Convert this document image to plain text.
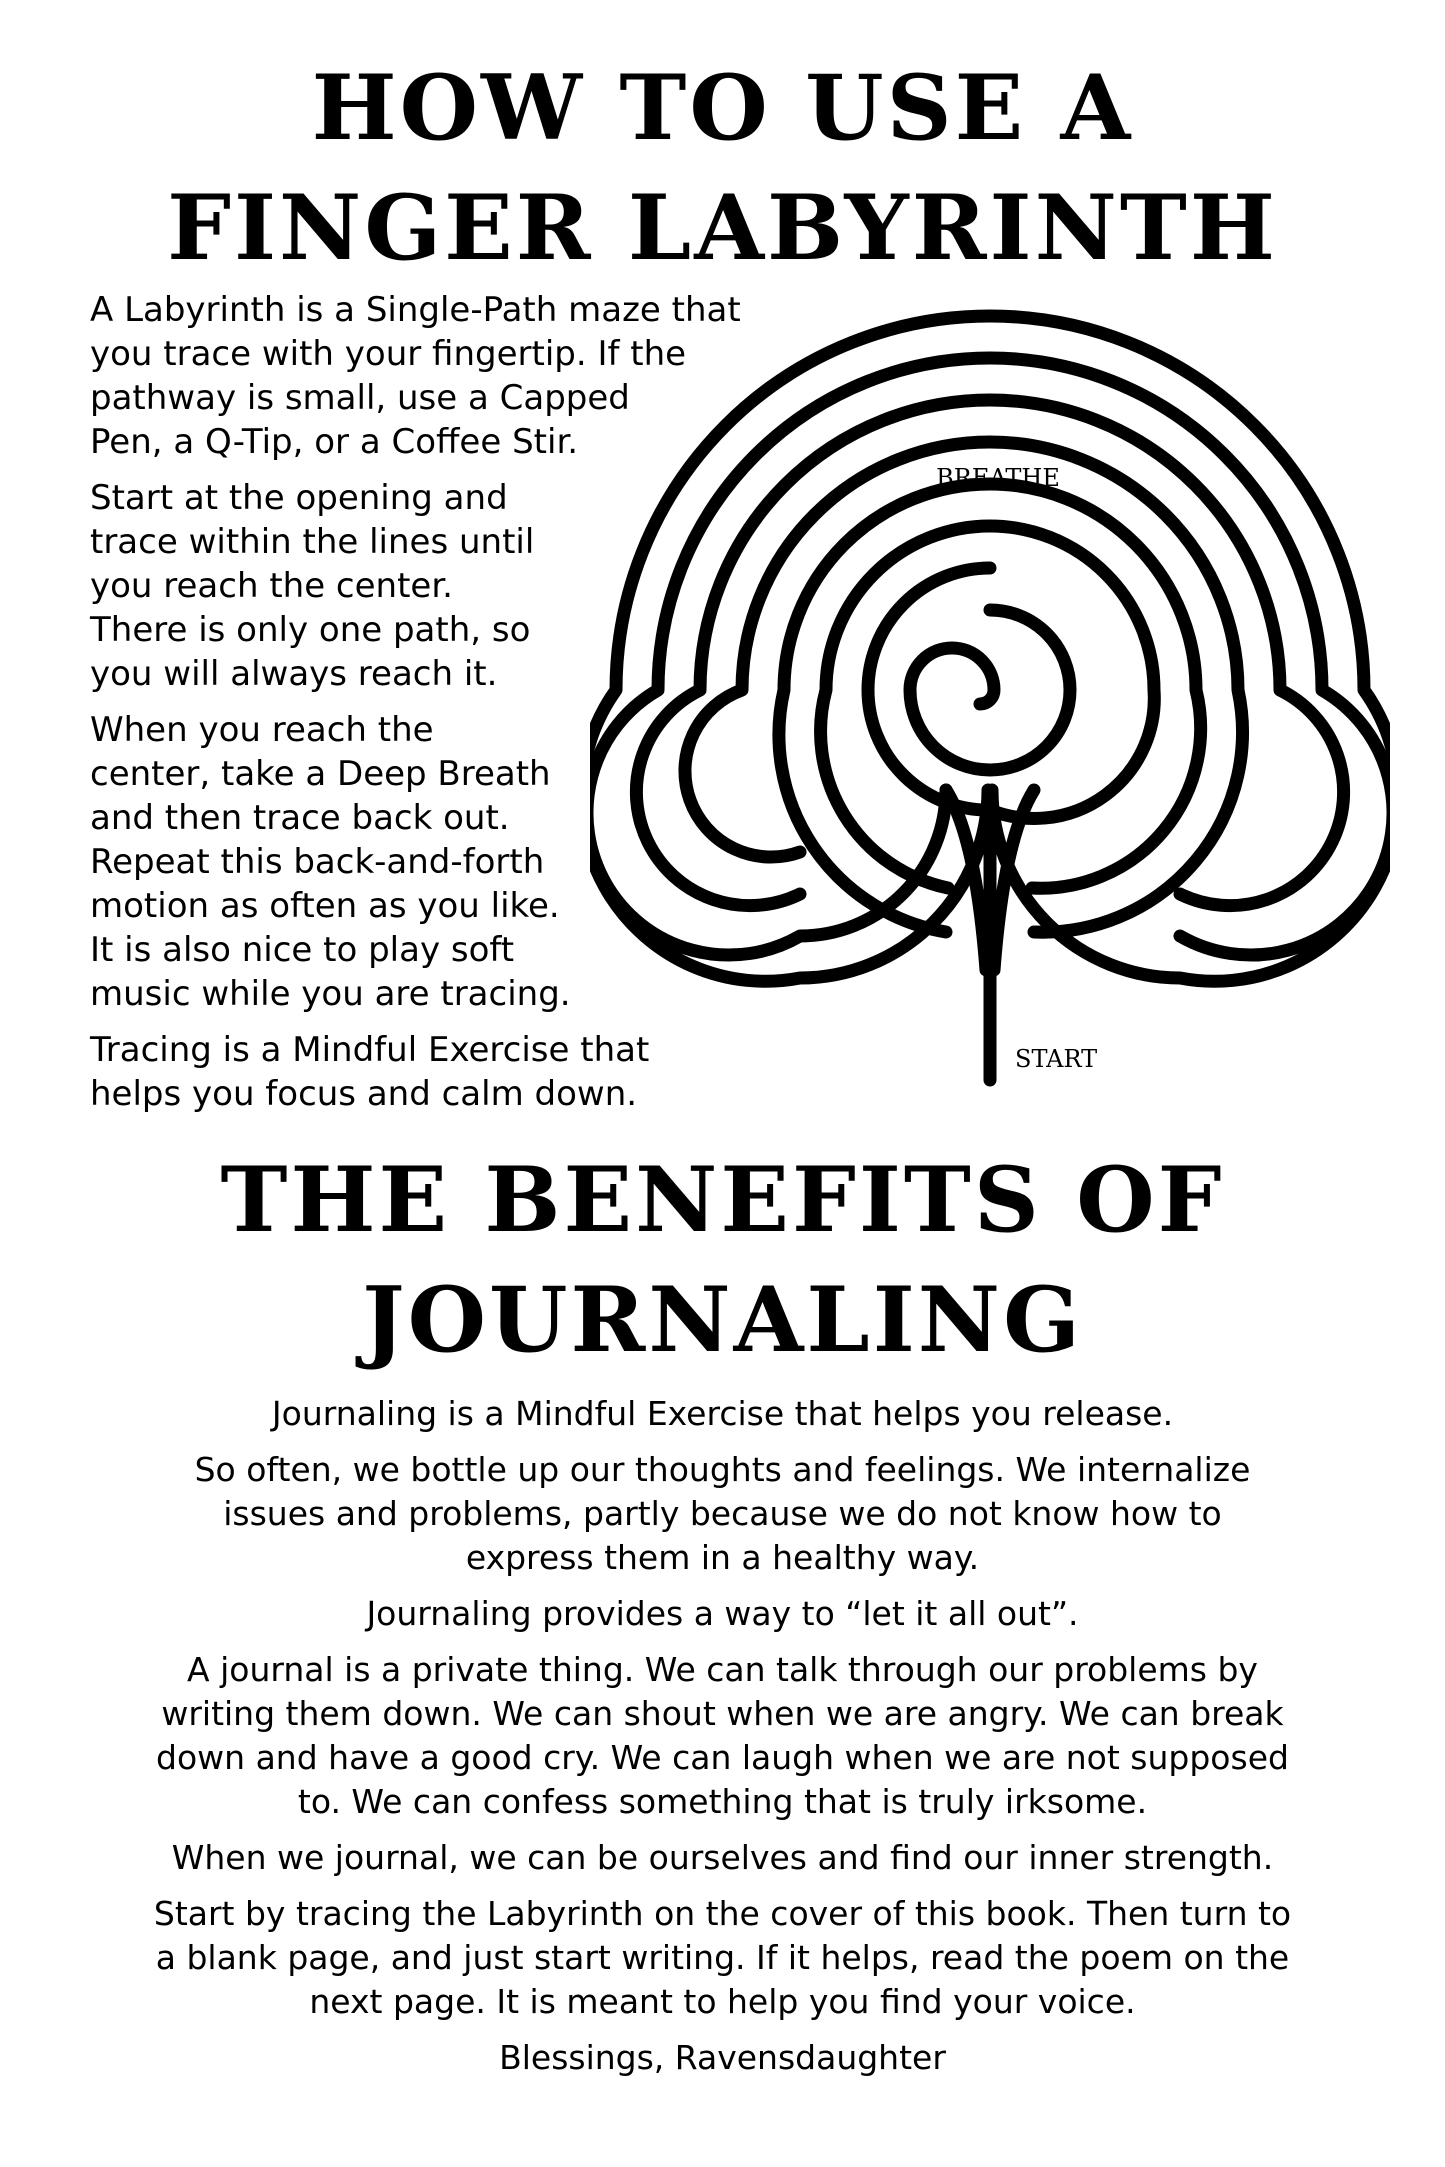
HOW TO USE A
FINGER LABYRINTH

A Labyrinth is a Single-Path maze that
you trace with your fingertip. If the
pathway is small, use a Capped
Pen, a Q-Tip, or a Coffee Stir.

Start at the opening and
trace within the lines until
you reach the center.
There is only one path, so
you will always reach it.

When you reach the
center, take a Deep Breath
and then trace back out.
Repeat this back-and-forth
motion as often as you like.
It is also nice to play soft
music while you are tracing.

Tracing is a Mindful Exercise that
helps you focus and calm down.

BREATHE
START
THE BENEFITS OF
JOURNALING

Journaling is a Mindful Exercise that helps you release.

So often, we bottle up our thoughts and feelings. We internalize
issues and problems, partly because we do not know how to
express them in a healthy way.

Journaling provides a way to “let it all out”.

A journal is a private thing. We can talk through our problems by
writing them down. We can shout when we are angry. We can break
down and have a good cry. We can laugh when we are not supposed
to. We can confess something that is truly irksome.

When we journal, we can be ourselves and find our inner strength.

Start by tracing the Labyrinth on the cover of this book. Then turn to
a blank page, and just start writing. If it helps, read the poem on the
next page. It is meant to help you find your voice.

Blessings, Ravensdaughter
